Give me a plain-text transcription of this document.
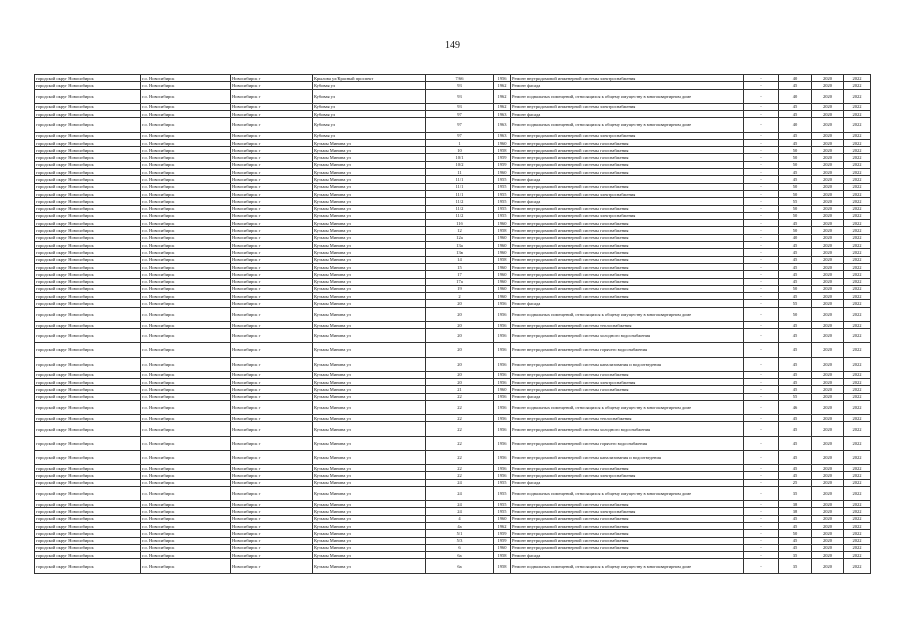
149
городской округ Новосибирск	г.о. Новосибирск	Новосибирск г	Крылова ул/Красный проспект	7/66	1956	Ремонт внутридомовой инженерной системы электроснабжения	-	40	2020	2022
городской округ Новосибирск	г.о. Новосибирск	Новосибирск г	Кубовая ул	93	1962	Ремонт фасада	-	45	2020	2022
городской округ Новосибирск	г.о. Новосибирск	Новосибирск г	Кубовая ул	93	1962	Ремонт подвальных помещений, относящихся к общему имуществу в многоквартирном доме	-	40	2020	2022
городской округ Новосибирск	г.о. Новосибирск	Новосибирск г	Кубовая ул	93	1962	Ремонт внутридомовой инженерной системы электроснабжения	-	45	2020	2022
городской округ Новосибирск	г.о. Новосибирск	Новосибирск г	Кубовая ул	97	1963	Ремонт фасада	-	45	2020	2022
городской округ Новосибирск	г.о. Новосибирск	Новосибирск г	Кубовая ул	97	1963	Ремонт подвальных помещений, относящихся к общему имуществу в многоквартирном доме	-	40	2020	2022
городской округ Новосибирск	г.о. Новосибирск	Новосибирск г	Кубовая ул	97	1963	Ремонт внутридомовой инженерной системы электроснабжения	-	45	2020	2022
городской округ Новосибирск	г.о. Новосибирск	Новосибирск г	Кузьмы Минина ул	1	1960	Ремонт внутридомовой инженерной системы газоснабжения	-	45	2020	2022
городской округ Новосибирск	г.о. Новосибирск	Новосибирск г	Кузьмы Минина ул	10	1958	Ремонт внутридомовой инженерной системы газоснабжения	-	50	2020	2022
городской округ Новосибирск	г.о. Новосибирск	Новосибирск г	Кузьмы Минина ул	10/1	1959	Ремонт внутридомовой инженерной системы газоснабжения	-	50	2020	2022
городской округ Новосибирск	г.о. Новосибирск	Новосибирск г	Кузьмы Минина ул	10/2	1959	Ремонт внутридомовой инженерной системы газоснабжения	-	50	2020	2022
городской округ Новосибирск	г.о. Новосибирск	Новосибирск г	Кузьмы Минина ул	11	1960	Ремонт внутридомовой инженерной системы газоснабжения	-	45	2020	2022
городской округ Новосибирск	г.о. Новосибирск	Новосибирск г	Кузьмы Минина ул	11/1	1955	Ремонт фасада	-	45	2020	2022
городской округ Новосибирск	г.о. Новосибирск	Новосибирск г	Кузьмы Минина ул	11/1	1955	Ремонт внутридомовой инженерной системы газоснабжения	-	50	2020	2022
городской округ Новосибирск	г.о. Новосибирск	Новосибирск г	Кузьмы Минина ул	11/1	1955	Ремонт внутридомовой инженерной системы электроснабжения	-	50	2020	2022
городской округ Новосибирск	г.о. Новосибирск	Новосибирск г	Кузьмы Минина ул	11/2	1955	Ремонт фасада	-	55	2020	2022
городской округ Новосибирск	г.о. Новосибирск	Новосибирск г	Кузьмы Минина ул	11/2	1955	Ремонт внутридомовой инженерной системы газоснабжения	-	50	2020	2022
городской округ Новосибирск	г.о. Новосибирск	Новосибирск г	Кузьмы Минина ул	11/2	1955	Ремонт внутридомовой инженерной системы электроснабжения	-	50	2020	2022
городской округ Новосибирск	г.о. Новосибирск	Новосибирск г	Кузьмы Минина ул	11б	1960	Ремонт внутридомовой инженерной системы газоснабжения	-	45	2020	2022
городской округ Новосибирск	г.о. Новосибирск	Новосибирск г	Кузьмы Минина ул	12	1958	Ремонт внутридомовой инженерной системы газоснабжения	-	50	2020	2022
городской округ Новосибирск	г.о. Новосибирск	Новосибирск г	Кузьмы Минина ул	12а	1960	Ремонт внутридомовой инженерной системы газоснабжения	-	40	2020	2022
городской округ Новосибирск	г.о. Новосибирск	Новосибирск г	Кузьмы Минина ул	13а	1960	Ремонт внутридомовой инженерной системы газоснабжения	-	45	2020	2022
городской округ Новосибирск	г.о. Новосибирск	Новосибирск г	Кузьмы Минина ул	13в	1960	Ремонт внутридомовой инженерной системы газоснабжения	-	45	2020	2022
городской округ Новосибирск	г.о. Новосибирск	Новосибирск г	Кузьмы Минина ул	14	1958	Ремонт внутридомовой инженерной системы газоснабжения	-	45	2020	2022
городской округ Новосибирск	г.о. Новосибирск	Новосибирск г	Кузьмы Минина ул	15	1960	Ремонт внутридомовой инженерной системы газоснабжения	-	45	2020	2022
городской округ Новосибирск	г.о. Новосибирск	Новосибирск г	Кузьмы Минина ул	17	1960	Ремонт внутридомовой инженерной системы газоснабжения	-	45	2020	2022
городской округ Новосибирск	г.о. Новосибирск	Новосибирск г	Кузьмы Минина ул	17а	1960	Ремонт внутридомовой инженерной системы газоснабжения	-	45	2020	2022
городской округ Новосибирск	г.о. Новосибирск	Новосибирск г	Кузьмы Минина ул	19	1960	Ремонт внутридомовой инженерной системы газоснабжения	-	50	2020	2022
городской округ Новосибирск	г.о. Новосибирск	Новосибирск г	Кузьмы Минина ул	2	1960	Ремонт внутридомовой инженерной системы газоснабжения	-	45	2020	2022
городской округ Новосибирск	г.о. Новосибирск	Новосибирск г	Кузьмы Минина ул	20	1956	Ремонт фасада	-	55	2020	2022
городской округ Новосибирск	г.о. Новосибирск	Новосибирск г	Кузьмы Минина ул	20	1956	Ремонт подвальных помещений, относящихся к общему имуществу в многоквартирном доме	-	50	2020	2022
городской округ Новосибирск	г.о. Новосибирск	Новосибирск г	Кузьмы Минина ул	20	1956	Ремонт внутридомовой инженерной системы теплоснабжения	-	45	2020	2022
городской округ Новосибирск	г.о. Новосибирск	Новосибирск г	Кузьмы Минина ул	20	1956	Ремонт внутридомовой инженерной системы холодного водоснабжения	-	45	2020	2022
городской округ Новосибирск	г.о. Новосибирск	Новосибирск г	Кузьмы Минина ул	20	1956	Ремонт внутридомовой инженерной системы горячего водоснабжения	-	45	2020	2022
городской округ Новосибирск	г.о. Новосибирск	Новосибирск г	Кузьмы Минина ул	20	1956	Ремонт внутридомовой инженерной системы канализования и водоотведения	-	45	2020	2022
городской округ Новосибирск	г.о. Новосибирск	Новосибирск г	Кузьмы Минина ул	20	1956	Ремонт внутридомовой инженерной системы газоснабжения	-	45	2020	2022
городской округ Новосибирск	г.о. Новосибирск	Новосибирск г	Кузьмы Минина ул	20	1956	Ремонт внутридомовой инженерной системы электроснабжения	-	45	2020	2022
городской округ Новосибирск	г.о. Новосибирск	Новосибирск г	Кузьмы Минина ул	21	1960	Ремонт внутридомовой инженерной системы газоснабжения	-	45	2020	2022
городской округ Новосибирск	г.о. Новосибирск	Новосибирск г	Кузьмы Минина ул	22	1956	Ремонт фасада	-	55	2020	2022
городской округ Новосибирск	г.о. Новосибирск	Новосибирск г	Кузьмы Минина ул	22	1956	Ремонт подвальных помещений, относящихся к общему имуществу в многоквартирном доме	-	46	2020	2022
городской округ Новосибирск	г.о. Новосибирск	Новосибирск г	Кузьмы Минина ул	22	1956	Ремонт внутридомовой инженерной системы теплоснабжения	-	45	2020	2022
городской округ Новосибирск	г.о. Новосибирск	Новосибирск г	Кузьмы Минина ул	22	1956	Ремонт внутридомовой инженерной системы холодного водоснабжения	-	45	2020	2022
городской округ Новосибирск	г.о. Новосибирск	Новосибирск г	Кузьмы Минина ул	22	1956	Ремонт внутридомовой инженерной системы горячего водоснабжения	-	45	2020	2022
городской округ Новосибирск	г.о. Новосибирск	Новосибирск г	Кузьмы Минина ул	22	1956	Ремонт внутридомовой инженерной системы канализования и водоотведения	-	45	2020	2022
городской округ Новосибирск	г.о. Новосибирск	Новосибирск г	Кузьмы Минина ул	22	1956	Ремонт внутридомовой инженерной системы газоснабжения	-	45	2020	2022
городской округ Новосибирск	г.о. Новосибирск	Новосибирск г	Кузьмы Минина ул	22	1956	Ремонт внутридомовой инженерной системы электроснабжения	-	45	2020	2022
городской округ Новосибирск	г.о. Новосибирск	Новосибирск г	Кузьмы Минина ул	24	1955	Ремонт фасада	-	25	2020	2022
городской округ Новосибирск	г.о. Новосибирск	Новосибирск г	Кузьмы Минина ул	24	1955	Ремонт подвальных помещений, относящихся к общему имуществу в многоквартирном доме	-	35	2020	2022
городской округ Новосибирск	г.о. Новосибирск	Новосибирск г	Кузьмы Минина ул	24	1955	Ремонт внутридомовой инженерной системы газоснабжения	-	38	2020	2022
городской округ Новосибирск	г.о. Новосибирск	Новосибирск г	Кузьмы Минина ул	24	1955	Ремонт внутридомовой инженерной системы электроснабжения	-	38	2020	2022
городской округ Новосибирск	г.о. Новосибирск	Новосибирск г	Кузьмы Минина ул	4	1960	Ремонт внутридомовой инженерной системы газоснабжения	-	45	2020	2022
городской округ Новосибирск	г.о. Новосибирск	Новосибирск г	Кузьмы Минина ул	4а	1962	Ремонт внутридомовой инженерной системы газоснабжения	-	45	2020	2022
городской округ Новосибирск	г.о. Новосибирск	Новосибирск г	Кузьмы Минина ул	5/1	1959	Ремонт внутридомовой инженерной системы газоснабжения	-	50	2020	2022
городской округ Новосибирск	г.о. Новосибирск	Новосибирск г	Кузьмы Минина ул	5/3	1959	Ремонт внутридомовой инженерной системы газоснабжения	-	45	2020	2022
городской округ Новосибирск	г.о. Новосибирск	Новосибирск г	Кузьмы Минина ул	6	1960	Ремонт внутридомовой инженерной системы газоснабжения	-	45	2020	2022
городской округ Новосибирск	г.о. Новосибирск	Новосибирск г	Кузьмы Минина ул	6а	1958	Ремонт фасада	-	35	2020	2022
городской округ Новосибирск	г.о. Новосибирск	Новосибирск г	Кузьмы Минина ул	6а	1958	Ремонт подвальных помещений, относящихся к общему имуществу в многоквартирном доме	-	35	2020	2022
